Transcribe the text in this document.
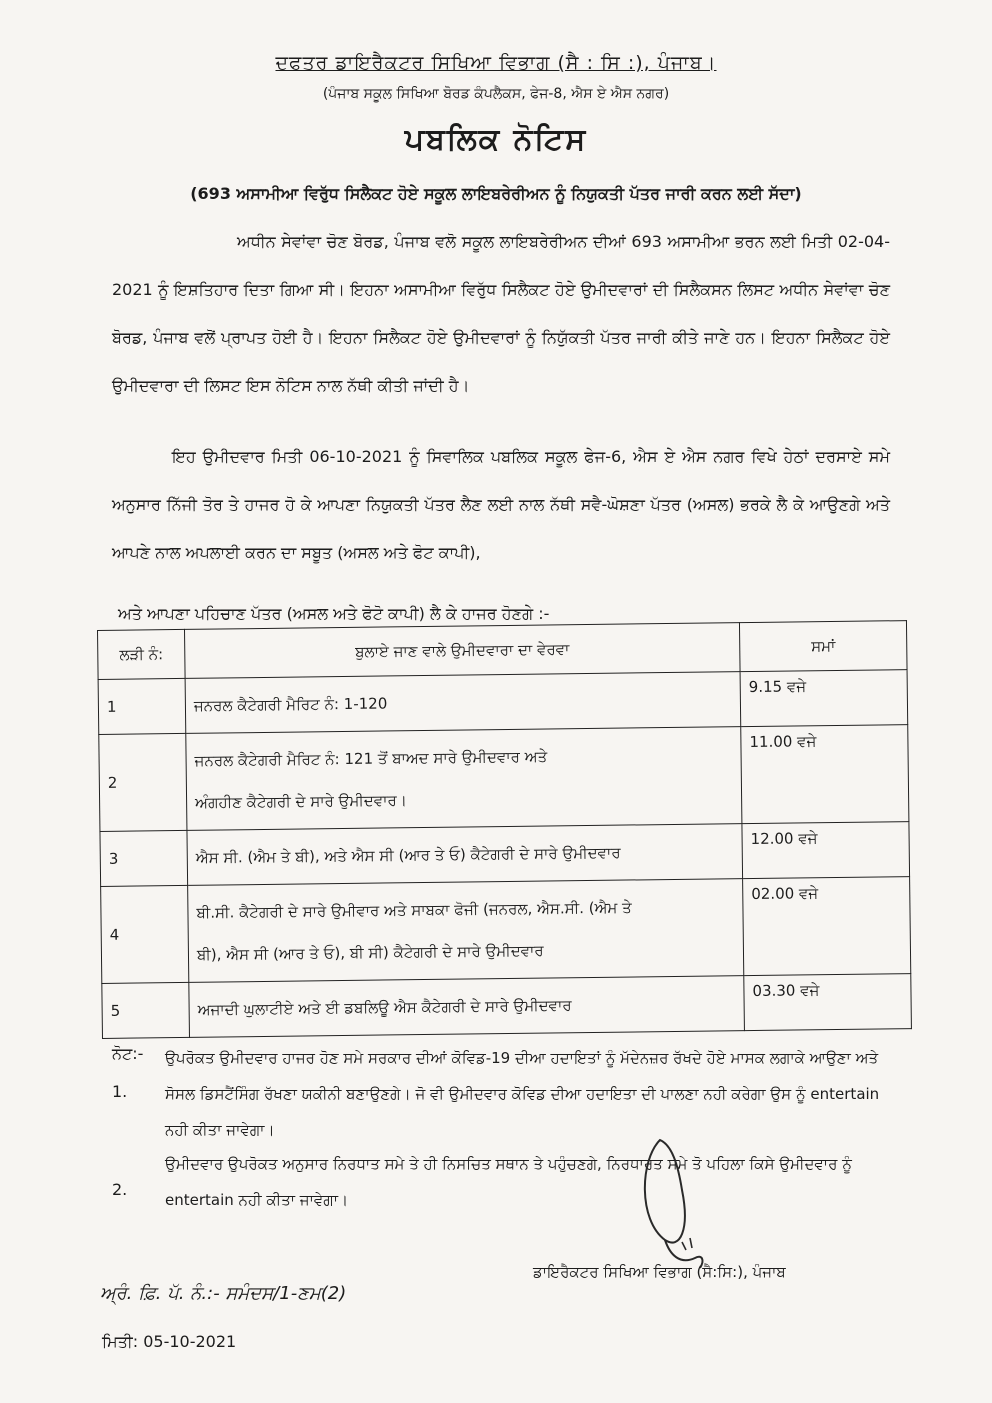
ਦਫਤਰ ਡਾਇਰੈਕਟਰ ਸਿਖਿਆ ਵਿਭਾਗ (ਸੈ : ਸਿ :), ਪੰਜਾਬ।
(ਪੰਜਾਬ ਸਕੂਲ ਸਿਖਿਆ ਬੋਰਡ ਕੰਪਲੈਕਸ, ਫੇਜ-8, ਐਸ ਏ ਐਸ ਨਗਰ)
ਪਬਲਿਕ ਨੋਟਿਸ
(693 ਅਸਾਮੀਆ ਵਿਰੁੱਧ ਸਿਲੈਕਟ ਹੋਏ ਸਕੂਲ ਲਾਇਬਰੇਰੀਅਨ ਨੂੰ ਨਿਯੁਕਤੀ ਪੱਤਰ ਜਾਰੀ ਕਰਨ ਲਈ ਸੱਦਾ)
ਅਧੀਨ ਸੇਵਾਂਵਾ ਚੋਣ ਬੋਰਡ, ਪੰਜਾਬ ਵਲੋ ਸਕੂਲ ਲਾਇਬਰੇਰੀਅਨ ਦੀਆਂ 693 ਅਸਾਮੀਆ ਭਰਨ ਲਈ ਮਿਤੀ 02-04-2021 ਨੂੰ ਇਸ਼ਤਿਹਾਰ ਦਿਤਾ ਗਿਆ ਸੀ। ਇਹਨਾ ਅਸਾਮੀਆ ਵਿਰੁੱਧ ਸਿਲੈਕਟ ਹੋਏ ਉਮੀਦਵਾਰਾਂ ਦੀ ਸਿਲੈਕਸਨ ਲਿਸਟ ਅਧੀਨ ਸੇਵਾਂਵਾ ਚੋਣ ਬੋਰਡ, ਪੰਜਾਬ ਵਲੋਂ ਪ੍ਰਾਪਤ ਹੋਈ ਹੈ। ਇਹਨਾ ਸਿਲੈਕਟ ਹੋਏ ਉਮੀਦਵਾਰਾਂ ਨੂੰ ਨਿਯੁੱਕਤੀ ਪੱਤਰ ਜਾਰੀ ਕੀਤੇ ਜਾਣੇ ਹਨ। ਇਹਨਾ ਸਿਲੈਕਟ ਹੋਏ ਉਮੀਦਵਾਰਾ ਦੀ ਲਿਸਟ ਇਸ ਨੋਟਿਸ ਨਾਲ ਨੱਥੀ ਕੀਤੀ ਜਾਂਦੀ ਹੈ।
ਇਹ ਉਮੀਦਵਾਰ ਮਿਤੀ 06-10-2021 ਨੂੰ ਸਿਵਾਲਿਕ ਪਬਲਿਕ ਸਕੂਲ ਫੇਜ-6, ਐਸ ਏ ਐਸ ਨਗਰ ਵਿਖੇ ਹੇਠਾਂ ਦਰਸਾਏ ਸਮੇ ਅਨੁਸਾਰ ਨਿੱਜੀ ਤੋਰ ਤੇ ਹਾਜਰ ਹੋ ਕੇ ਆਪਣਾ ਨਿਯੁਕਤੀ ਪੱਤਰ ਲੈਣ ਲਈ ਨਾਲ ਨੱਥੀ ਸਵੈ-ਘੋਸ਼ਣਾ ਪੱਤਰ (ਅਸਲ) ਭਰਕੇ ਲੈ ਕੇ ਆਉਣਗੇ ਅਤੇ ਆਪਣੇ ਨਾਲ ਅਪਲਾਈ ਕਰਨ ਦਾ ਸਬੂਤ (ਅਸਲ ਅਤੇ ਫੋਟ ਕਾਪੀ),
ਅਤੇ ਆਪਣਾ ਪਹਿਚਾਣ ਪੱਤਰ (ਅਸਲ ਅਤੇ ਫੋਟੋ ਕਾਪੀ) ਲੈ ਕੇ ਹਾਜਰ ਹੋਣਗੇ :-
ਲੜੀ ਨੰ:	ਬੁਲਾਏ ਜਾਣ ਵਾਲੇ ਉਮੀਦਵਾਰਾ ਦਾ ਵੇਰਵਾ	ਸਮਾਂ
1	ਜਨਰਲ ਕੈਟੇਗਰੀ ਮੈਰਿਟ ਨੰ: 1-120	9.15 ਵਜੇ
2	ਜਨਰਲ ਕੈਟੇਗਰੀ ਮੈਰਿਟ ਨੰ: 121 ਤੋਂ ਬਾਅਦ ਸਾਰੇ ਉਮੀਦਵਾਰ ਅਤੇ
ਅੰਗਹੀਣ ਕੈਟੇਗਰੀ ਦੇ ਸਾਰੇ ਉਮੀਦਵਾਰ।	11.00 ਵਜੇ
3	ਐਸ ਸੀ. (ਐਮ ਤੇ ਬੀ), ਅਤੇ ਐਸ ਸੀ (ਆਰ ਤੇ ਓ) ਕੈਟੇਗਰੀ ਦੇ ਸਾਰੇ ਉਮੀਦਵਾਰ	12.00 ਵਜੇ
4	ਬੀ.ਸੀ. ਕੈਟੇਗਰੀ ਦੇ ਸਾਰੇ ਉਮੀਵਾਰ ਅਤੇ ਸਾਬਕਾ ਫੋਜੀ (ਜਨਰਲ, ਐਸ.ਸੀ. (ਐਮ ਤੇ
ਬੀ), ਐਸ ਸੀ (ਆਰ ਤੇ ਓ), ਬੀ ਸੀ) ਕੈਟੇਗਰੀ ਦੇ ਸਾਰੇ ਉਮੀਦਵਾਰ	02.00 ਵਜੇ
5	ਅਜਾਦੀ ਘੁਲਾਟੀਏ ਅਤੇ ਈ ਡਬਲਿਊ ਐਸ ਕੈਟੇਗਰੀ ਦੇ ਸਾਰੇ ਉਮੀਦਵਾਰ	03.30 ਵਜੇ
ਨੋਟ:-
1.
ਉਪਰੋਕਤ ਉਮੀਦਵਾਰ ਹਾਜਰ ਹੋਣ ਸਮੇ ਸਰਕਾਰ ਦੀਆਂ ਕੋਵਿਡ-19 ਦੀਆ ਹਦਾਇਤਾਂ ਨੂੰ ਮੱਦੇਨਜ਼ਰ ਰੱਖਦੇ ਹੋਏ ਮਾਸਕ ਲਗਾਕੇ ਆਉਣਾ ਅਤੇ ਸੋਸਲ ਡਿਸਟੈਂਸਿੰਗ ਰੱਖਣਾ ਯਕੀਨੀ ਬਣਾਉਣਗੇ। ਜੋ ਵੀ ਉਮੀਦਵਾਰ ਕੋਵਿਡ ਦੀਆ ਹਦਾਇਤਾ ਦੀ ਪਾਲਣਾ ਨਹੀ ਕਰੇਗਾ ਉਸ ਨੂੰ entertain ਨਹੀ ਕੀਤਾ ਜਾਵੇਗਾ।
2.
ਉਮੀਦਵਾਰ ਉਪਰੋਕਤ ਅਨੁਸਾਰ ਨਿਰਧਾਤ ਸਮੇ ਤੇ ਹੀ ਨਿਸਚਿਤ ਸਥਾਨ ਤੇ ਪਹੁੰਚਣਗੇ, ਨਿਰਧਾਰਤ ਸਮੇ ਤੋ ਪਹਿਲਾ ਕਿਸੇ ਉਮੀਦਵਾਰ ਨੂੰ entertain ਨਹੀ ਕੀਤਾ ਜਾਵੇਗਾ।
ਡਾਇਰੈਕਟਰ ਸਿਖਿਆ ਵਿਭਾਗ (ਸੈ:ਸਿ:), ਪੰਜਾਬ
ਅ੍ਰੰ. ਫ਼ਿ. ਪੱ. ਨੰ.:- ਸਮੰਦਸ/1-ਣਮ(2)
ਮਿਤੀ: 05-10-2021
